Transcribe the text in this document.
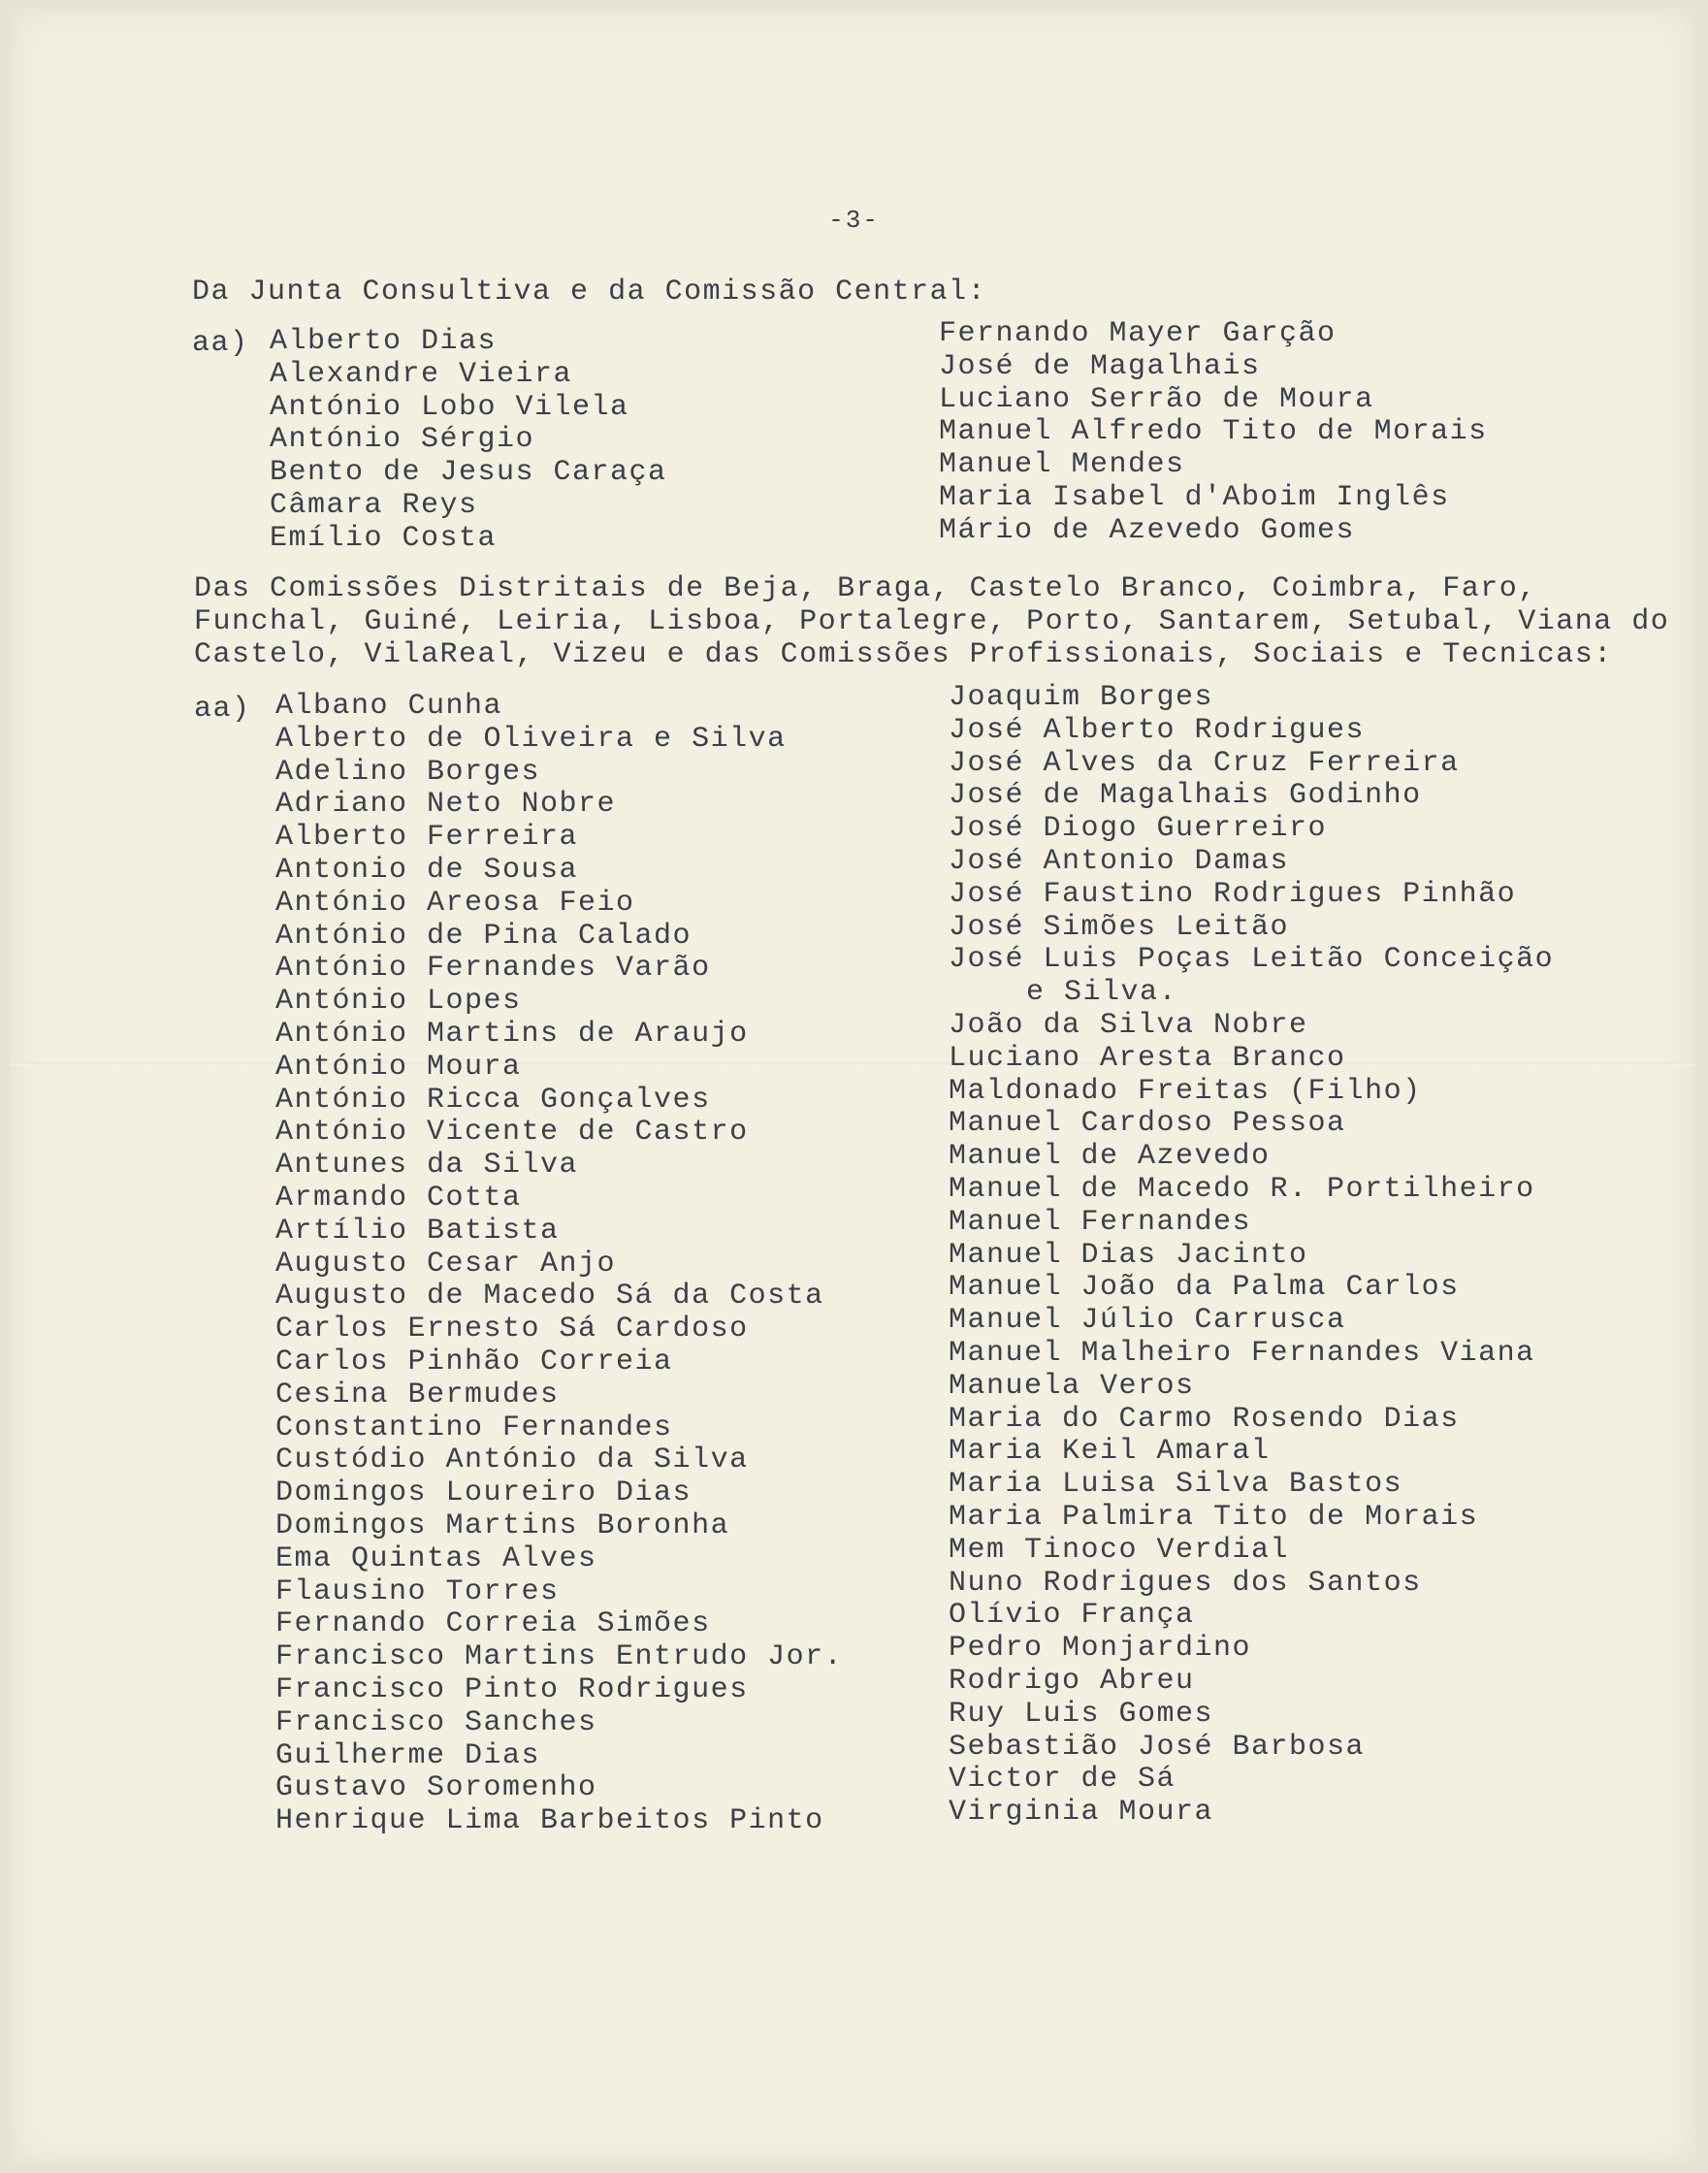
-3-
Da Junta Consultiva e da Comissão Central:
aa) Alberto Dias
Alexandre Vieira
António Lobo Vilela
António Sérgio
Bento de Jesus Caraça
Câmara Reys
Emílio Costa
Fernando Mayer Garção
José de Magalhais
Luciano Serrão de Moura
Manuel Alfredo Tito de Morais
Manuel Mendes
Maria Isabel d'Aboim Inglês
Mário de Azevedo Gomes
Das Comissões Distritais de Beja, Braga, Castelo Branco, Coimbra, Faro,
Funchal, Guiné, Leiria, Lisboa, Portalegre, Porto, Santarem, Setubal, Viana do
Castelo, VilaReal, Vizeu e das Comissões Profissionais, Sociais e Tecnicas:
aa) Albano Cunha
Alberto de Oliveira e Silva
Adelino Borges
Adriano Neto Nobre
Alberto Ferreira
Antonio de Sousa
António Areosa Feio
António de Pina Calado
António Fernandes Varão
António Lopes
António Martins de Araujo
António Moura
António Ricca Gonçalves
António Vicente de Castro
Antunes da Silva
Armando Cotta
Artílio Batista
Augusto Cesar Anjo
Augusto de Macedo Sá da Costa
Carlos Ernesto Sá Cardoso
Carlos Pinhão Correia
Cesina Bermudes
Constantino Fernandes
Custódio António da Silva
Domingos Loureiro Dias
Domingos Martins Boronha
Ema Quintas Alves
Flausino Torres
Fernando Correia Simões
Francisco Martins Entrudo Jor.
Francisco Pinto Rodrigues
Francisco Sanches
Guilherme Dias
Gustavo Soromenho
Henrique Lima Barbeitos Pinto
Joaquim Borges
José Alberto Rodrigues
José Alves da Cruz Ferreira
José de Magalhais Godinho
José Diogo Guerreiro
José Antonio Damas
José Faustino Rodrigues Pinhão
José Simões Leitão
José Luis Poças Leitão Conceição
e Silva.
João da Silva Nobre
Luciano Aresta Branco
Maldonado Freitas (Filho)
Manuel Cardoso Pessoa
Manuel de Azevedo
Manuel de Macedo R. Portilheiro
Manuel Fernandes
Manuel Dias Jacinto
Manuel João da Palma Carlos
Manuel Júlio Carrusca
Manuel Malheiro Fernandes Viana
Manuela Veros
Maria do Carmo Rosendo Dias
Maria Keil Amaral
Maria Luisa Silva Bastos
Maria Palmira Tito de Morais
Mem Tinoco Verdial
Nuno Rodrigues dos Santos
Olívio França
Pedro Monjardino
Rodrigo Abreu
Ruy Luis Gomes
Sebastião José Barbosa
Victor de Sá
Virginia Moura
